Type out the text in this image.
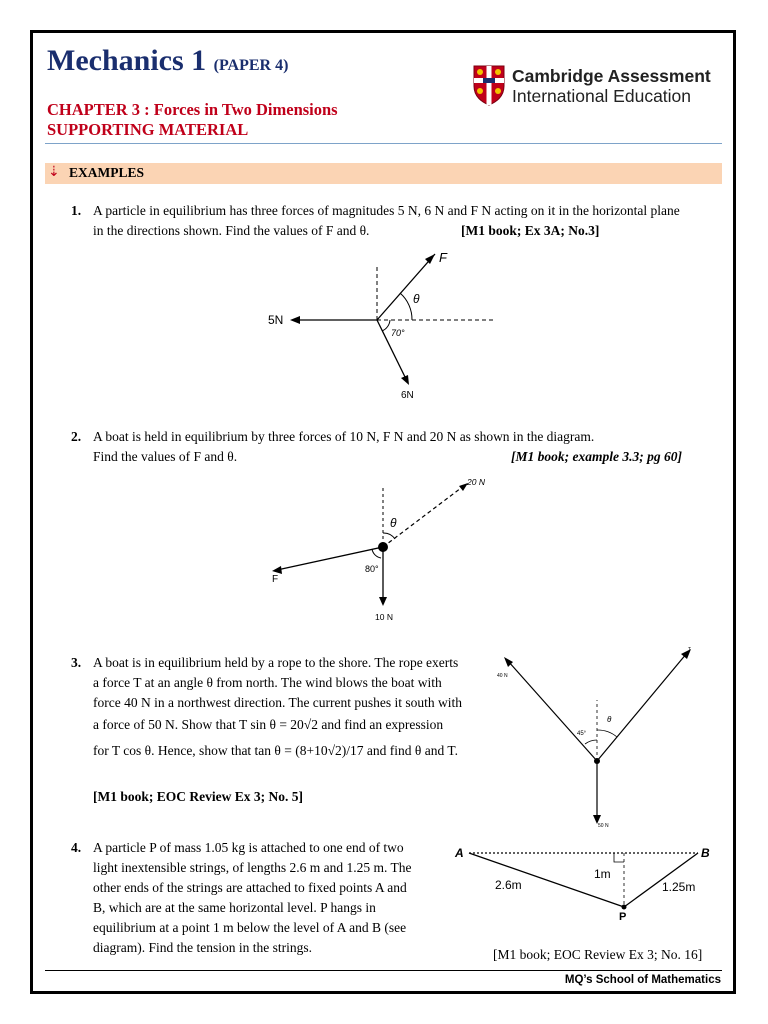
Mechanics 1 (PAPER 4)
CHAPTER 3 : Forces in Two Dimensions
SUPPORTING MATERIAL
Cambridge Assessment
International Education
⇣ EXAMPLES
1. A particle in equilibrium has three forces of magnitudes 5 N, 6 N and F N acting on it in the horizontal plane
in the directions shown. Find the values of F and θ.	[M1 book; Ex 3A; No.3]
F
θ
5N
70°
6N
2. A boat is held in equilibrium by three forces of 10 N, F N and 20 N as shown in the diagram.
Find the values of F and θ.	[M1 book; example 3.3; pg 60]
20 N
θ
F
80°
10 N
3. A boat is in equilibrium held by a rope to the shore. The rope exerts
a force T at an angle θ from north. The wind blows the boat with
force 40 N in a northwest direction. The current pushes it south with
a force of 50 N. Show that T sin θ = 20√2 and find an expression
for T cos θ. Hence, show that tan θ = (8+10√2)/17 and find θ and T.
[M1 book; EOC Review Ex 3; No. 5]
40 N
T
45°
θ
50 N
4. A particle P of mass 1.05 kg is attached to one end of two
light inextensible strings, of lengths 2.6 m and 1.25 m. The
other ends of the strings are attached to fixed points A and
B, which are at the same horizontal level. P hangs in
equilibrium at a point 1 m below the level of A and B (see
diagram). Find the tension in the strings.	[M1 book; EOC Review Ex 3; No. 16]
A	B
1m
2.6m	1.25m
P
MQ’s School of Mathematics
